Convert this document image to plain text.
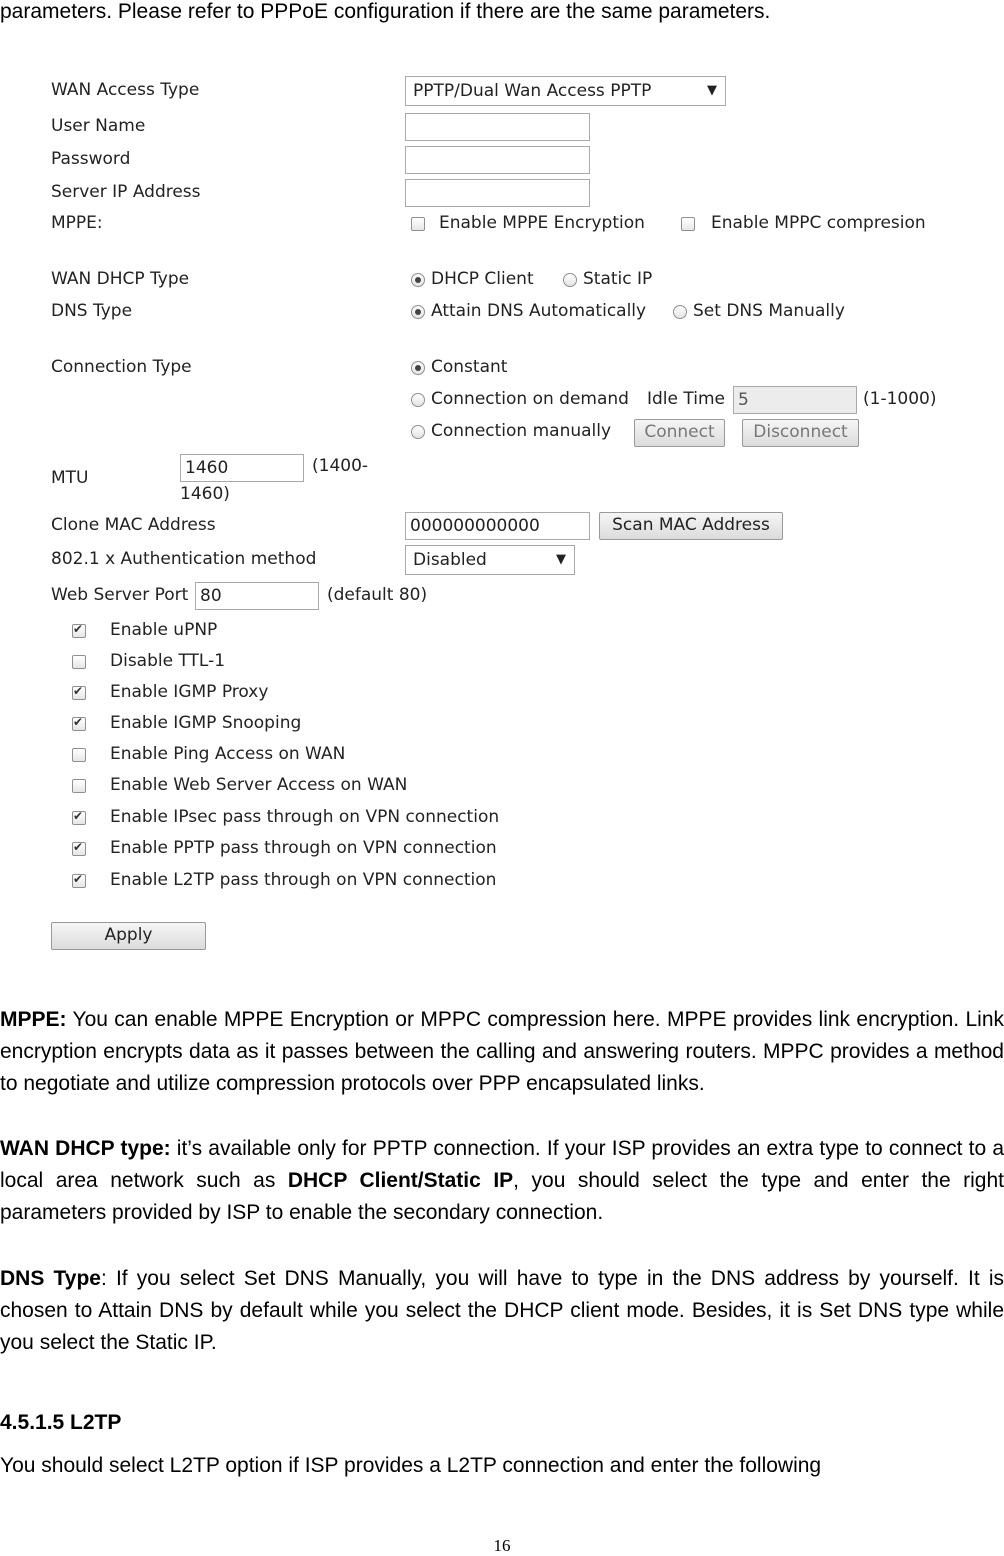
parameters. Please refer to PPPoE configuration if there are the same parameters.
WAN Access Type	PPTP/Dual Wan Access PPTP	▼
User Name
Password
Server IP Address
MPPE:	Enable MPPE Encryption	Enable MPPC compresion
WAN DHCP Type	DHCP Client	Static IP
DNS Type	Attain DNS Automatically	Set DNS Manually
Connection Type	Constant
Connection on demand Idle Time 5	(1-1000)
Connection manually	Connect	Disconnect
MTU	1460	(1400-
1460)
Clone MAC Address	000000000000	Scan MAC Address
802.1 x Authentication method	Disabled	▼
Web Server Port 80	(default 80)
✔
Enable uPNP
Disable TTL-1
✔
Enable IGMP Proxy
✔
Enable IGMP Snooping
Enable Ping Access on WAN
Enable Web Server Access on WAN
✔
Enable IPsec pass through on VPN connection
✔
Enable PPTP pass through on VPN connection
✔
Enable L2TP pass through on VPN connection
Apply
MPPE: You can enable MPPE Encryption or MPPC compression here. MPPE provides link encryption. Link encryption encrypts data as it passes between the calling and answering routers. MPPC provides a method to negotiate and utilize compression protocols over PPP encapsulated links.
WAN DHCP type: it’s available only for PPTP connection. If your ISP provides an extra type to connect to a local area network such as DHCP Client/Static IP, you should select the type and enter the right parameters provided by ISP to enable the secondary connection.
DNS Type: If you select Set DNS Manually, you will have to type in the DNS address by yourself. It is chosen to Attain DNS by default while you select the DHCP client mode. Besides, it is Set DNS type while you select the Static IP.
4.5.1.5 L2TP
You should select L2TP option if ISP provides a L2TP connection and enter the following
16
